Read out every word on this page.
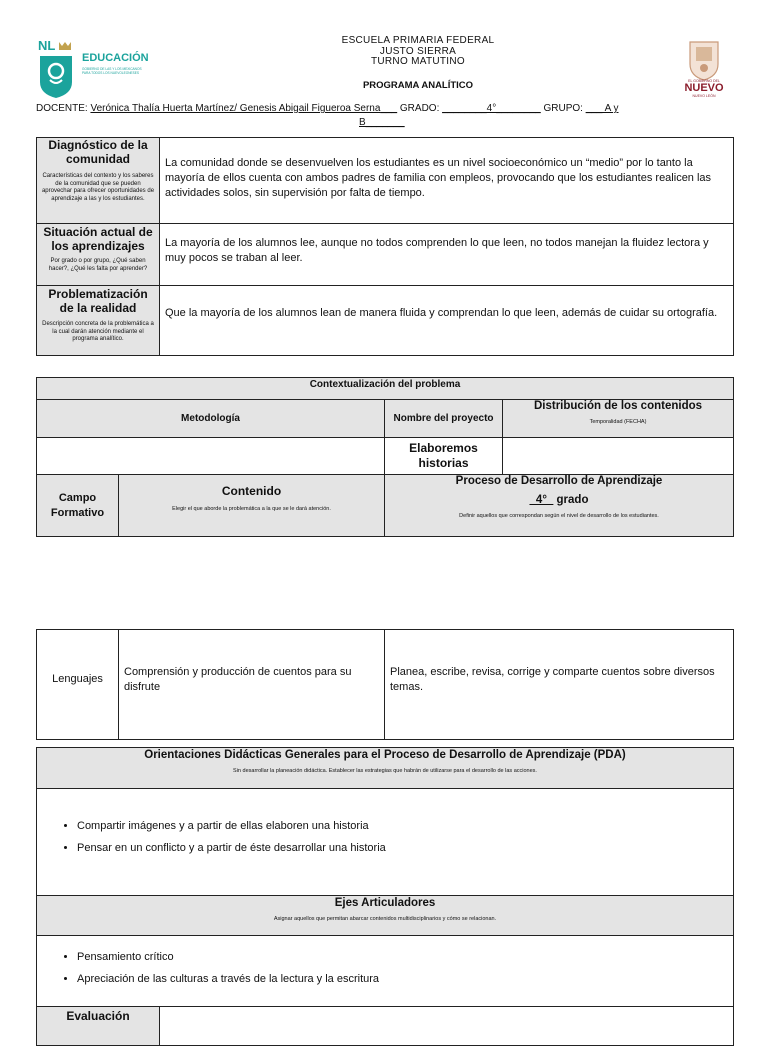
NL
EDUCACIÓN
GOBIERNO DE LAS Y LOS MEXICANOS PARA TODOS LOS NUEVOLEONESES
EL GOBIERNO DEL
NUEVO
NUEVO LEÓN
ESCUELA PRIMARIA FEDERAL
JUSTO SIERRA
TURNO MATUTINO
PROGRAMA ANALÍTICO
DOCENTE: Verónica Thalía Huerta Martínez/ Genesis Abigail Figueroa Serna___ GRADO: ________4°________ GRUPO: ___ A y
B_______
Diagnóstico de la comunidad
Características del contexto y los saberes de la comunidad que se pueden aprovechar para ofrecer oportunidades de aprendizaje a las y los estudiantes.
La comunidad donde se desenvuelven los estudiantes es un nivel socioeconómico un “medio” por lo tanto la mayoría de ellos cuenta con ambos padres de familia con empleos, provocando que los estudiantes realicen las actividades solos, sin supervisión por falta de tiempo.
Situación actual de los aprendizajes
Por grado o por grupo, ¿Qué saben hacer?, ¿Qué les falta por aprender?
La mayoría de los alumnos lee, aunque no todos comprenden lo que leen, no todos manejan la fluidez lectora y muy pocos se traban al leer.
Problematización de la realidad
Descripción concreta de la problemática a la cual darán atención mediante el programa analítico.
Que la mayoría de los alumnos lean de manera fluida y comprendan lo que leen, además de cuidar su ortografía.
Contextualización del problema
Metodología	Nombre del proyecto
Distribución de los contenidos
Temporalidad (FECHA)
Elaboremos historias
Campo Formativo
Contenido
Elegir el que aborde la problemática a la que se le dará atención.
Proceso de Desarrollo de Aprendizaje
_4°_ grado
Definir aquellos que correspondan según el nivel de desarrollo de los estudiantes.
Lenguajes
Comprensión y producción de cuentos para su disfrute
Planea, escribe, revisa, corrige y comparte cuentos sobre diversos temas.
Orientaciones Didácticas Generales para el Proceso de Desarrollo de Aprendizaje (PDA)
Sin desarrollar la planeación didáctica. Establecer las estrategias que habrán de utilizarse para el desarrollo de las acciones.
• Compartir imágenes y a partir de ellas elaboren una historia
• Pensar en un conflicto y a partir de éste desarrollar una historia
Ejes Articuladores
Asignar aquellos que permitan abarcar contenidos multidisciplinarios y cómo se relacionan.
• Pensamiento crítico
• Apreciación de las culturas a través de la lectura y la escritura
Evaluación
